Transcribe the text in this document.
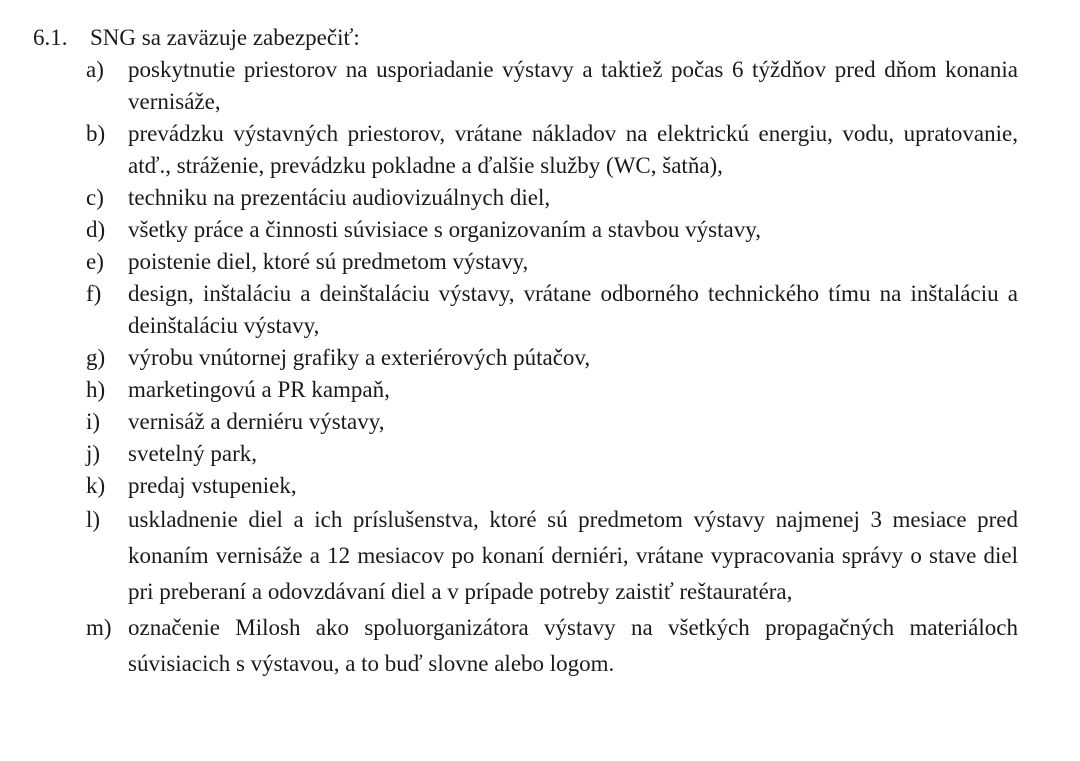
6.1. SNG sa zaväzuje zabezpečiť:
a) poskytnutie priestorov na usporiadanie výstavy a taktiež počas 6 týždňov pred dňom konania vernisáže,
b) prevádzku výstavných priestorov, vrátane nákladov na elektrickú energiu, vodu, upratovanie, atď., stráženie, prevádzku pokladne a ďalšie služby (WC, šatňa),
c) techniku na prezentáciu audiovizuálnych diel,
d) všetky práce a činnosti súvisiace s organizovaním a stavbou výstavy,
e) poistenie diel, ktoré sú predmetom výstavy,
f) design, inštaláciu a deinštaláciu výstavy, vrátane odborného technického tímu na inštaláciu a deinštaláciu výstavy,
g) výrobu vnútornej grafiky a exteriérových pútačov,
h) marketingovú a PR kampaň,
i) vernisáž a derniéru výstavy,
j) svetelný park,
k) predaj vstupeniek,
l) uskladnenie diel a ich príslušenstva, ktoré sú predmetom výstavy najmenej 3 mesiace pred konaním vernisáže a 12 mesiacov po konaní derniéri, vrátane vypracovania správy o stave diel pri preberaní a odovzdávaní diel a v prípade potreby zaistiť reštauratéra,
m) označenie Milosh ako spoluorganizátora výstavy na všetkých propagačných materiáloch súvisiacich s výstavou, a to buď slovne alebo logom.
